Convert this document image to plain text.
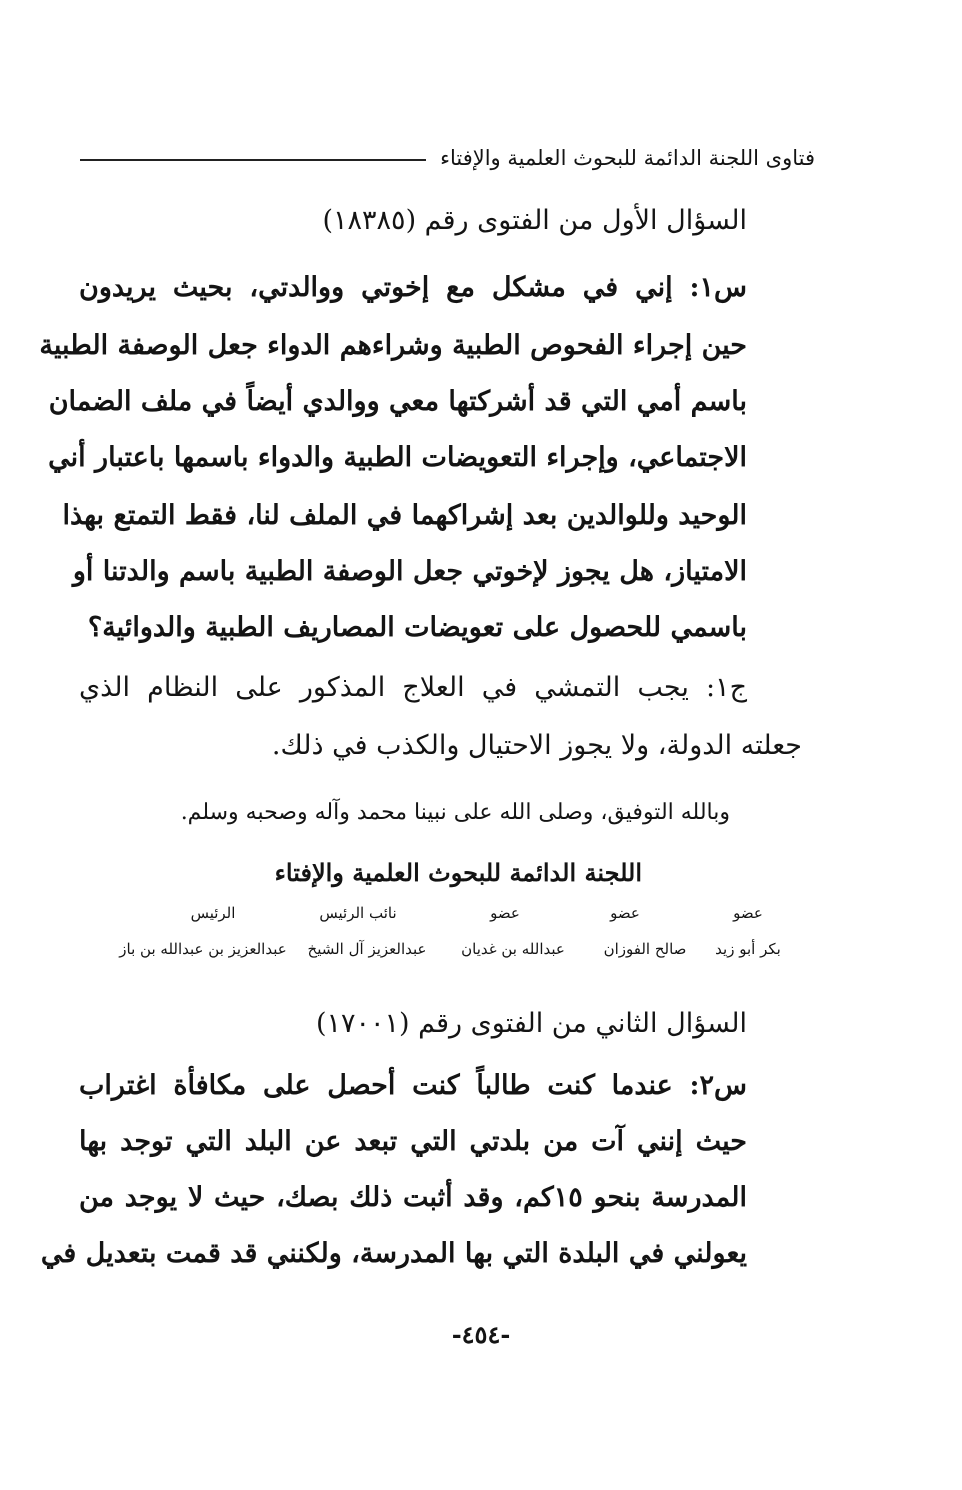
فتاوى اللجنة الدائمة للبحوث العلمية والإفتاء
السؤال الأول من الفتوى رقم (١٨٣٨٥)
س١: إني في مشكل مع إخوتي ووالدتي، بحيث يريدون
حين إجراء الفحوص الطبية وشراءهم الدواء جعل الوصفة الطبية
باسم أمي التي قد أشركتها معي ووالدي أيضاً في ملف الضمان
الاجتماعي، وإجراء التعويضات الطبية والدواء باسمها باعتبار أني
الوحيد وللوالدين بعد إشراكهما في الملف لنا، فقط التمتع بهذا
الامتياز، هل يجوز لإخوتي جعل الوصفة الطبية باسم والدتنا أو
باسمي للحصول على تعويضات المصاريف الطبية والدوائية؟
ج١: يجب التمشي في العلاج المذكور على النظام الذي
جعلته الدولة، ولا يجوز الاحتيال والكذب في ذلك.
وبالله التوفيق، وصلى الله على نبينا محمد وآله وصحبه وسلم.
اللجنة الدائمة للبحوث العلمية والإفتاء
عضو
عضو
عضو
نائب الرئيس
الرئيس
بكر أبو زيد
صالح الفوزان
عبدالله بن غديان
عبدالعزيز آل الشيخ
عبدالعزيز بن عبدالله بن باز
السؤال الثاني من الفتوى رقم (١٧٠٠١)
س٢: عندما كنت طالباً كنت أحصل على مكافأة اغتراب
حيث إنني آت من بلدتي التي تبعد عن البلد التي توجد بها
المدرسة بنحو ١٥كم، وقد أثبت ذلك بصك، حيث لا يوجد من
يعولني في البلدة التي بها المدرسة، ولكنني قد قمت بتعديل في
-٤٥٤-
